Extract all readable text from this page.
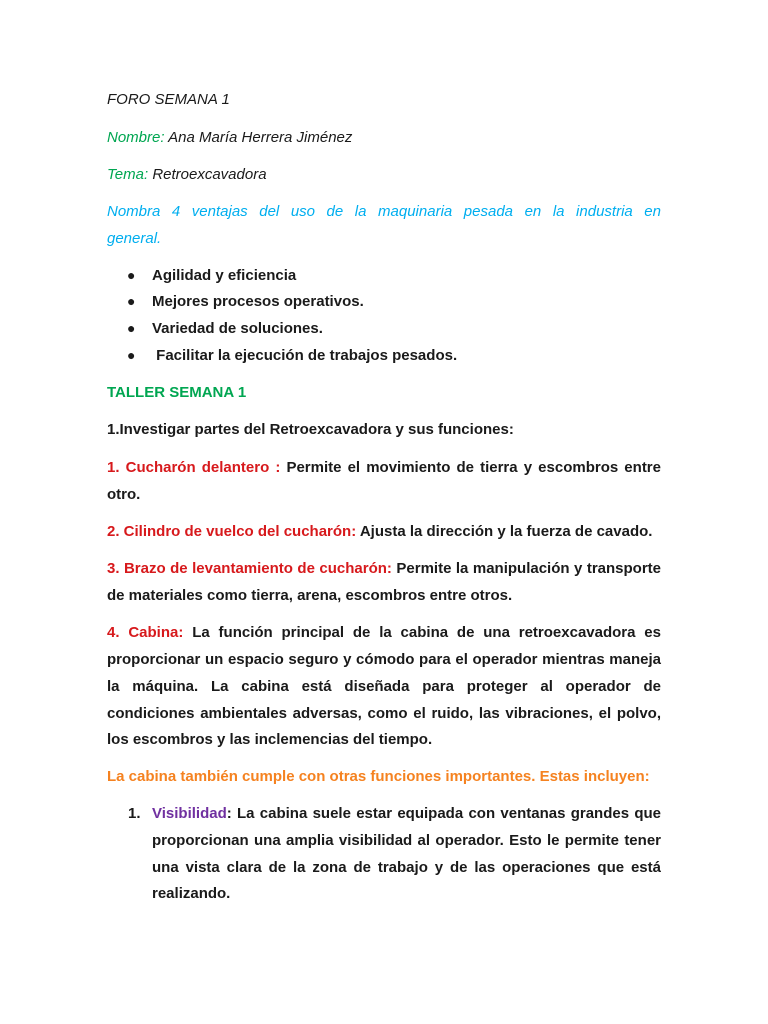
FORO SEMANA 1
Nombre: Ana María Herrera Jiménez
Tema: Retroexcavadora
Nombra 4 ventajas del uso de la maquinaria pesada en la industria en
general.
● Agilidad y eficiencia
● Mejores procesos operativos.
● Variedad de soluciones.
● Facilitar la ejecución de trabajos pesados.
TALLER SEMANA 1
1.Investigar partes del Retroexcavadora y sus funciones:
1. Cucharón delantero : Permite el movimiento de tierra y escombros entre
otro.
2. Cilindro de vuelco del cucharón: Ajusta la dirección y la fuerza de cavado.
3. Brazo de levantamiento de cucharón: Permite la manipulación y transporte
de materiales como tierra, arena, escombros entre otros.
4. Cabina: La función principal de la cabina de una retroexcavadora es
proporcionar un espacio seguro y cómodo para el operador mientras maneja
la máquina. La cabina está diseñada para proteger al operador de
condiciones ambientales adversas, como el ruido, las vibraciones, el polvo,
los escombros y las inclemencias del tiempo.
La cabina también cumple con otras funciones importantes. Estas incluyen:
1. Visibilidad: La cabina suele estar equipada con ventanas grandes que
proporcionan una amplia visibilidad al operador. Esto le permite tener
una vista clara de la zona de trabajo y de las operaciones que está
realizando.
